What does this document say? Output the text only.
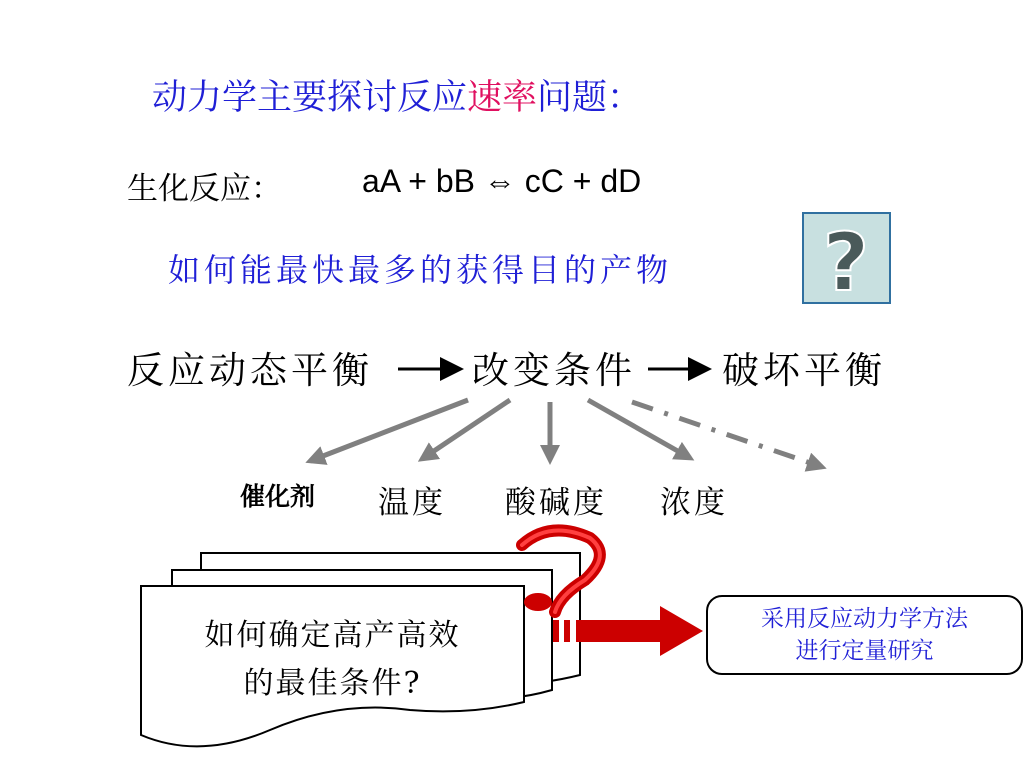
?
动力学主要探讨反应速率问题：
生化反应：	aA + bB ⇔ cC + dD
如何能最快最多的获得目的产物
反应动态平衡	改变条件 破坏平衡
催化剂 温度 酸碱度 浓度
如何确定高产高效
的最佳条件?
采用反应动力学方法
进行定量研究
